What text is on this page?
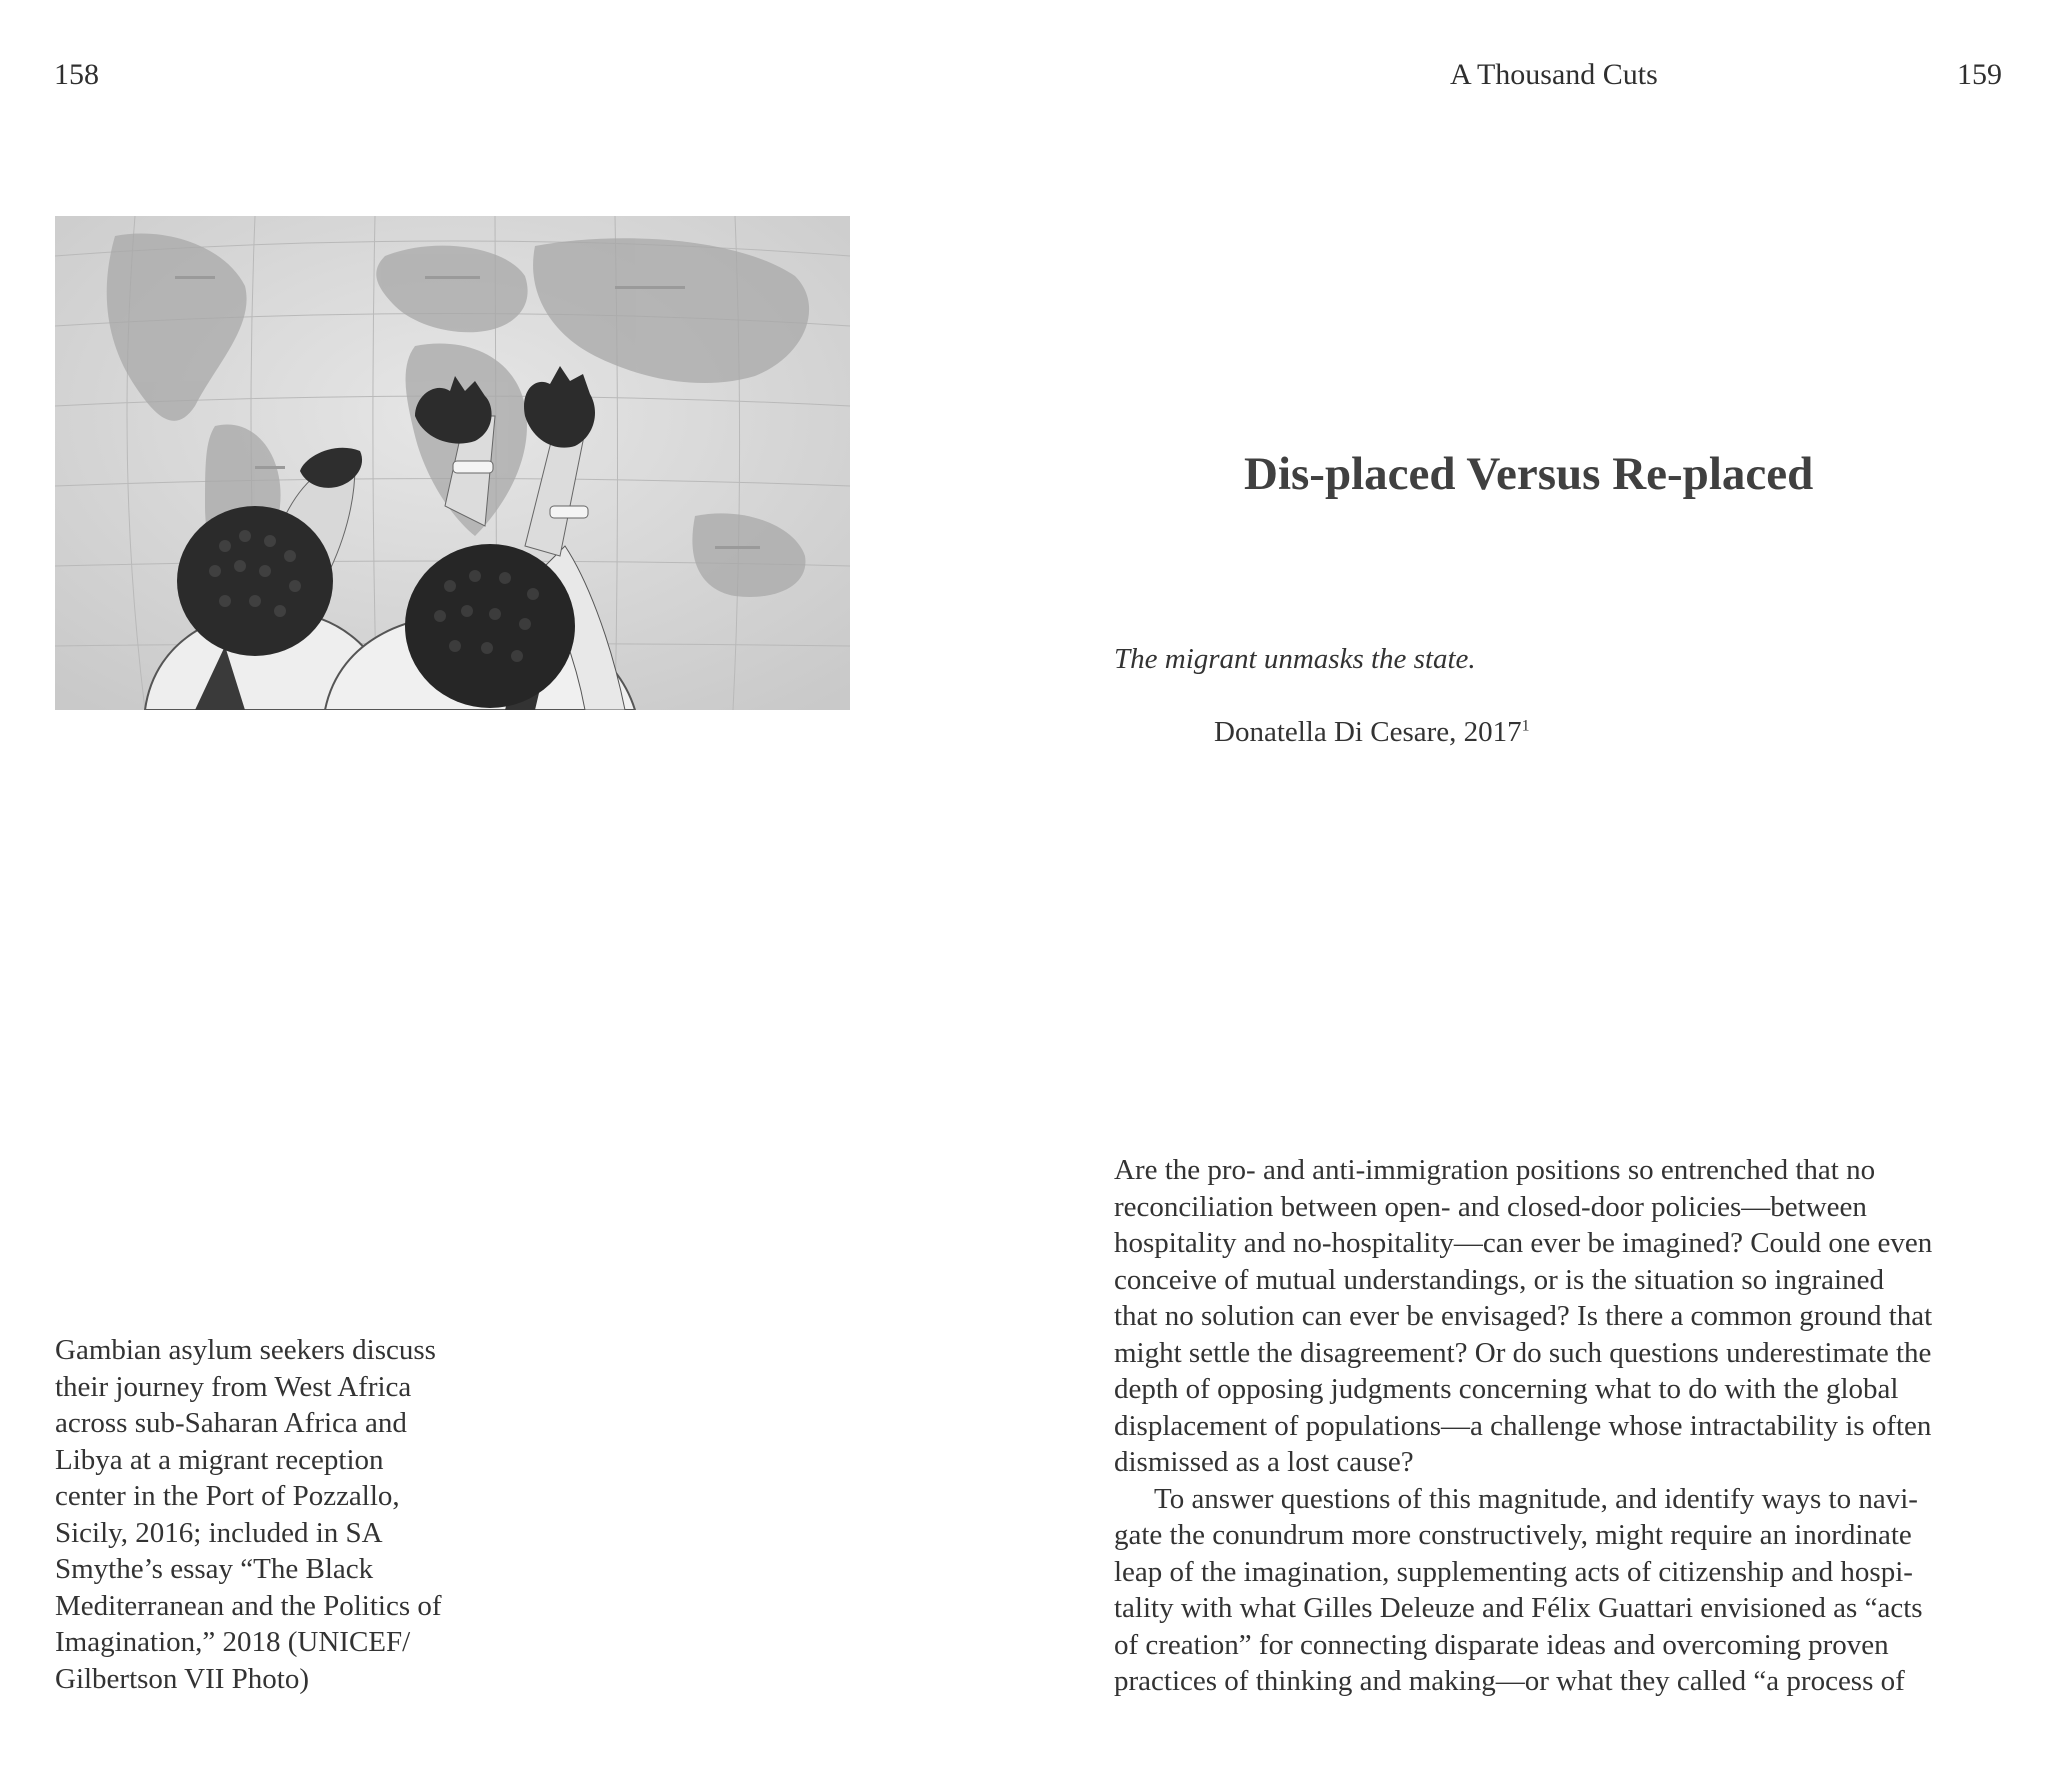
158	A Thousand Cuts	159
Gambian asylum seekers discuss
their journey from West Africa
across sub-Saharan Africa and
Libya at a migrant reception
center in the Port of Pozzallo,
Sicily, 2016; included in SA
Smythe’s essay “The Black
Mediterranean and the Politics of
Imagination,” 2018 (UNICEF/
Gilbertson VII Photo)
Dis-placed Versus Re-placed
The migrant unmasks the state.
Donatella Di Cesare, 2017$^1$
Are the pro- and anti-immigration positions so entrenched that no
reconciliation between open- and closed-door policies—between
hospitality and no-hospitality—can ever be imagined? Could one even
conceive of mutual understandings, or is the situation so ingrained
that no solution can ever be envisaged? Is there a common ground that
might settle the disagreement? Or do such questions underestimate the
depth of opposing judgments concerning what to do with the global
displacement of populations—a challenge whose intractability is often
dismissed as a lost cause?
To answer questions of this magnitude, and identify ways to navi-
gate the conundrum more constructively, might require an inordinate
leap of the imagination, supplementing acts of citizenship and hospi-
tality with what Gilles Deleuze and Félix Guattari envisioned as “acts
of creation” for connecting disparate ideas and overcoming proven
practices of thinking and making—or what they called “a process of
